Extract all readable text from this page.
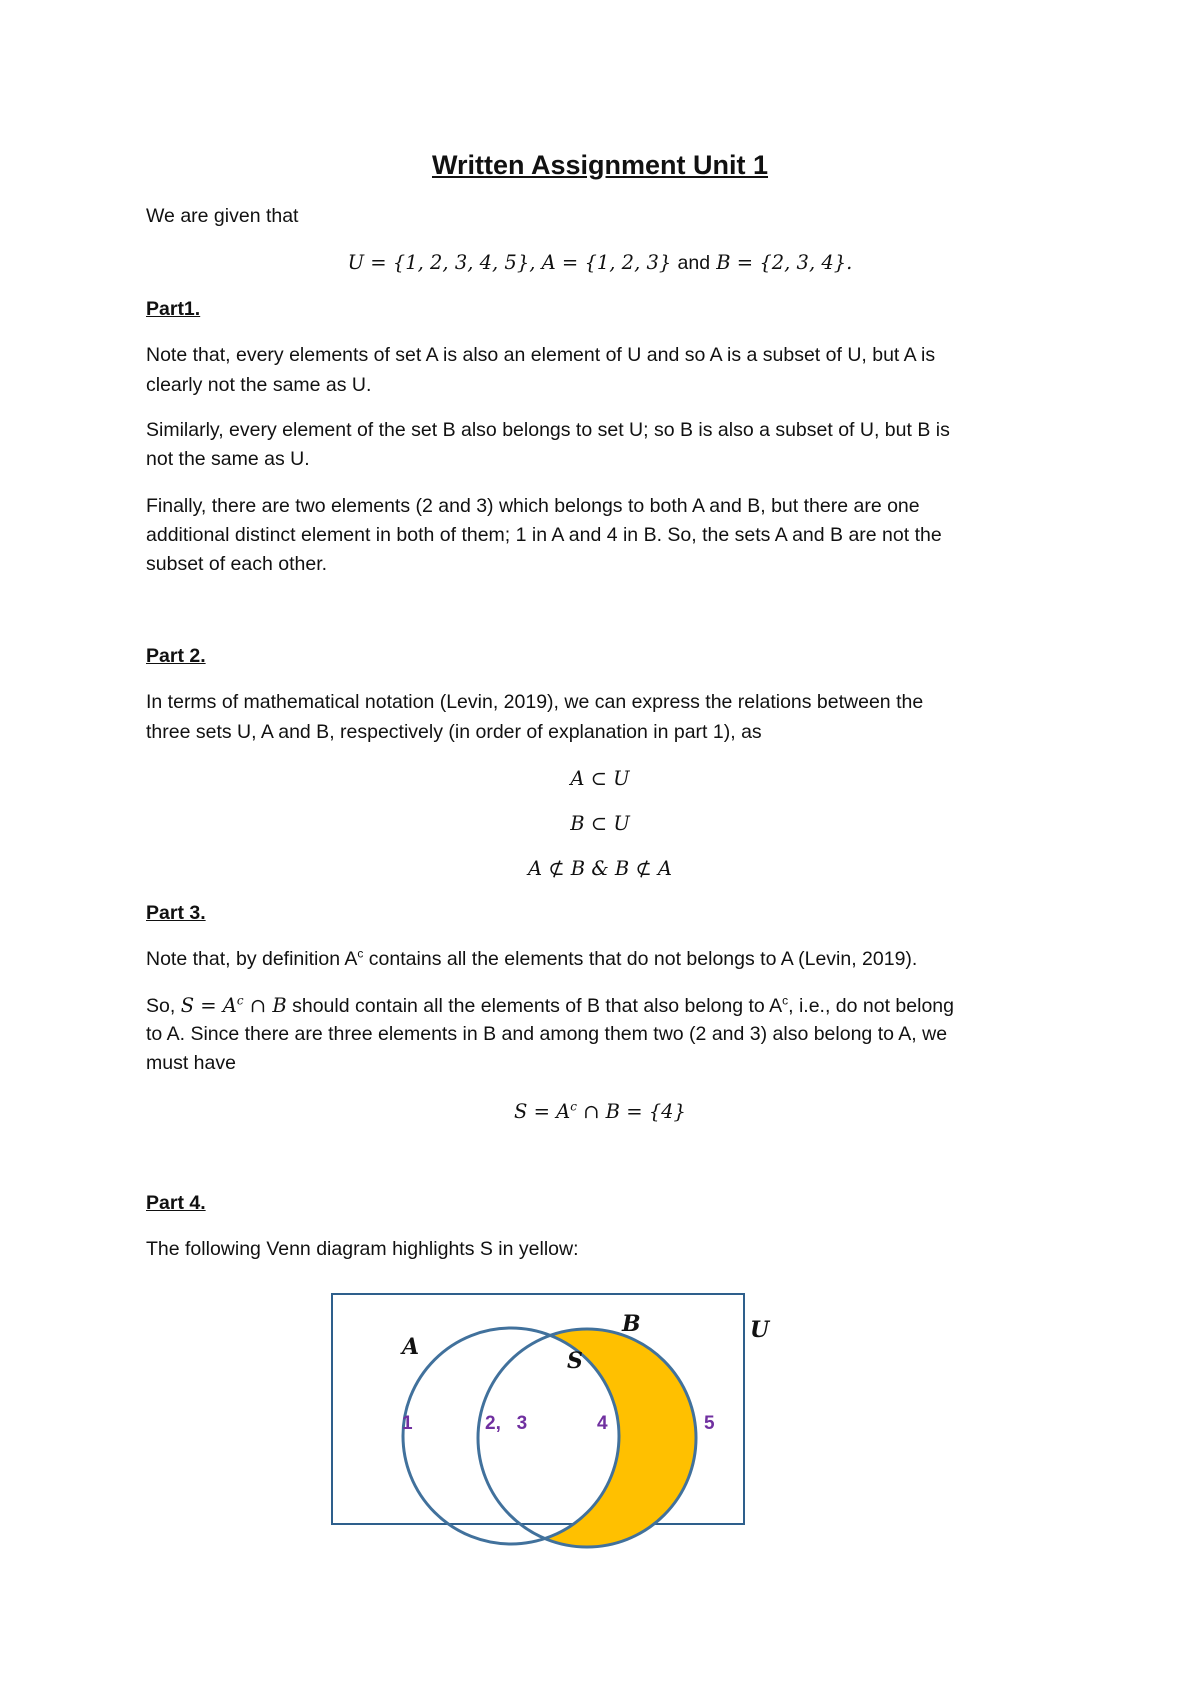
Written Assignment Unit 1

We are given that

U = {1, 2, 3, 4, 5}, A = {1, 2, 3} and B = {2, 3, 4}.

Part1.

Note that, every elements of set A is also an element of U and so A is a subset of U, but A is

clearly not the same as U.

Similarly, every element of the set B also belongs to set U; so B is also a subset of U, but B is

not the same as U.

Finally, there are two elements (2 and 3) which belongs to both A and B, but there are one

additional distinct element in both of them; 1 in A and 4 in B. So, the sets A and B are not the

subset of each other.

Part 2.

In terms of mathematical notation (Levin, 2019), we can express the relations between the

three sets U, A and B, respectively (in order of explanation in part 1), as

A ⊂ U

B ⊂ U

A ⊄ B & B ⊄ A

Part 3.

Note that, by definition $A^c$ contains all the elements that do not belongs to A (Levin, 2019).

So, $S = A^c$ ∩ B should contain all the elements of B that also belong to $A^c$, i.e., do not belong

to A. Since there are three elements in B and among them two (2 and 3) also belong to A, we

must have

$S = A^c$ ∩ B = {4}

Part 4.

The following Venn diagram highlights S in yellow:

A
B	U
S
1	2,   3	4	5
